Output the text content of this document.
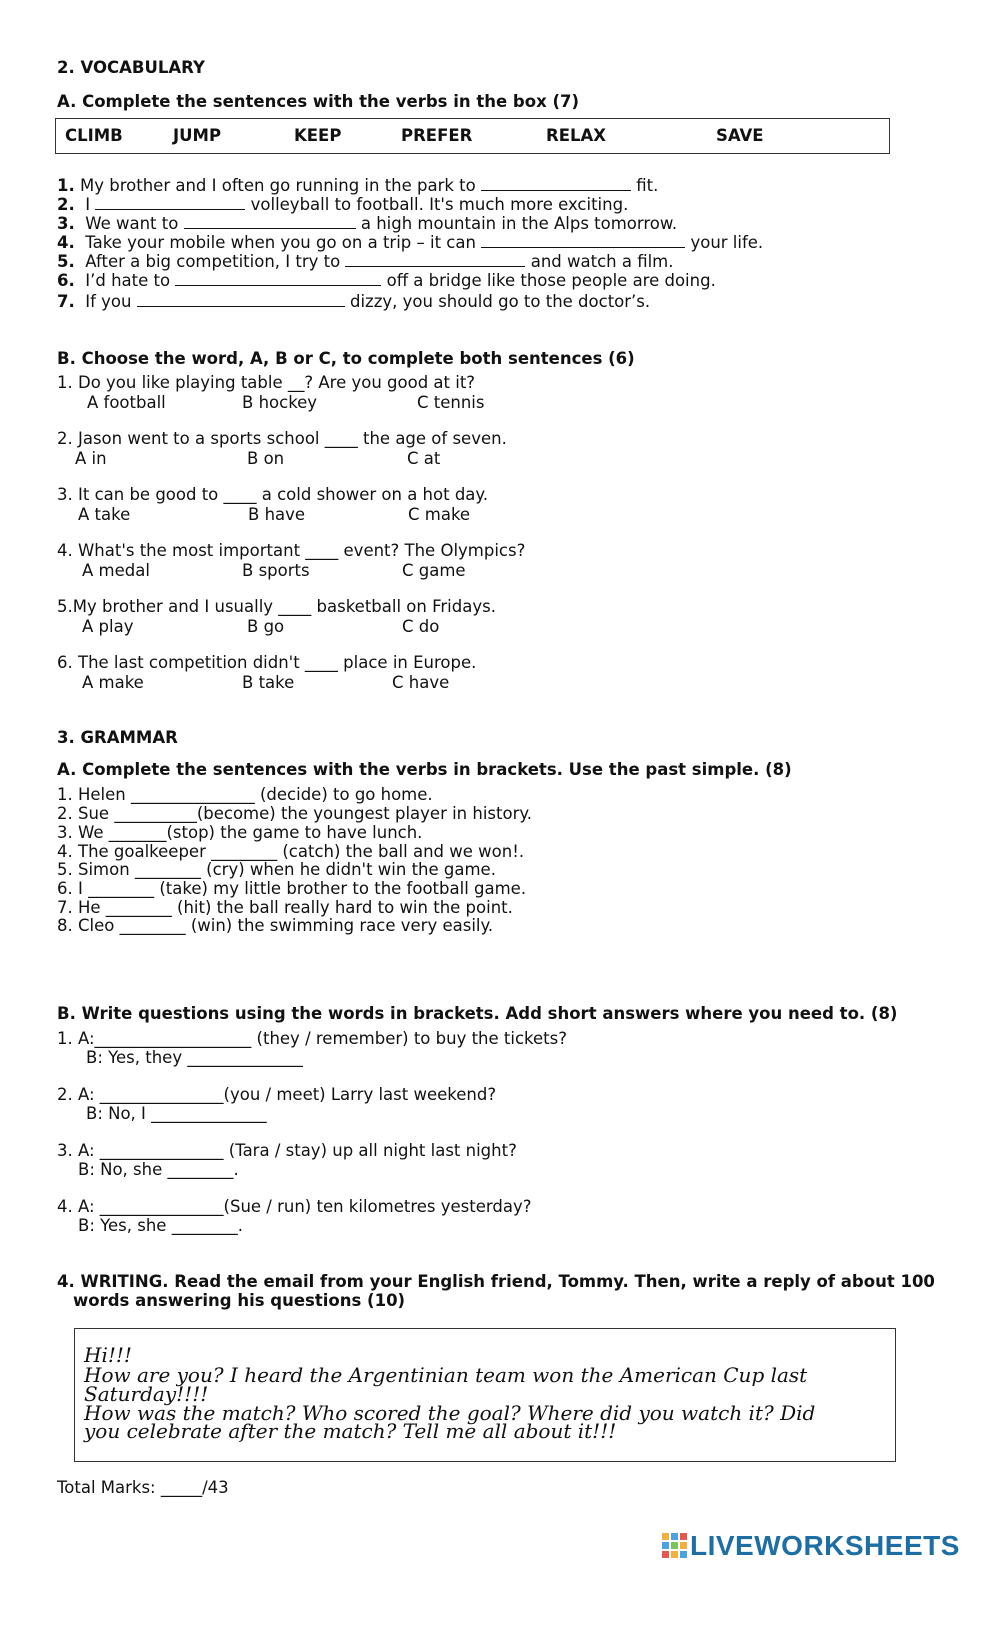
2. VOCABULARY
A. Complete the sentences with the verbs in the box (7)
CLIMB	JUMP	KEEP	PREFER	RELAX	SAVE
1. My brother and I often go running in the park to	fit.
2. I	volleyball to football. It's much more exciting.
3. We want to	a high mountain in the Alps tomorrow.
4. Take your mobile when you go on a trip – it can	your life.
5. After a big competition, I try to	and watch a film.
6. I’d hate to	off a bridge like those people are doing.
7. If you	dizzy, you should go to the doctor’s.
B. Choose the word, A, B or C, to complete both sentences (6)
1. Do you like playing table __? Are you good at it?
A football	B hockey	C tennis
2. Jason went to a sports school ____ the age of seven.
A in	B on	C at
3. It can be good to ____ a cold shower on a hot day.
A take	B have	C make
4. What's the most important ____ event? The Olympics?
A medal	B sports	C game
5.My brother and I usually ____ basketball on Fridays.
A play	B go	C do
6. The last competition didn't ____ place in Europe.
A make	B take	C have
3. GRAMMAR
A. Complete the sentences with the verbs in brackets. Use the past simple. (8)
1. Helen _______________ (decide) to go home.
2. Sue __________(become) the youngest player in history.
3. We _______(stop) the game to have lunch.
4. The goalkeeper ________ (catch) the ball and we won!.
5. Simon ________ (cry) when he didn't win the game.
6. I ________ (take) my little brother to the football game.
7. He ________ (hit) the ball really hard to win the point.
8. Cleo ________ (win) the swimming race very easily.
B. Write questions using the words in brackets. Add short answers where you need to. (8)
1. A:___________________ (they / remember) to buy the tickets?
B: Yes, they ______________
2. A: _______________(you / meet) Larry last weekend?
B: No, I ______________
3. A: _______________ (Tara / stay) up all night last night?
B: No, she ________.
4. A: _______________(Sue / run) ten kilometres yesterday?
B: Yes, she ________.
4. WRITING. Read the email from your English friend, Tommy. Then, write a reply of about 100
words answering his questions (10)
Hi!!!
How are you? I heard the Argentinian team won the American Cup last
Saturday!!!!
How was the match? Who scored the goal? Where did you watch it? Did
you celebrate after the match? Tell me all about it!!!
Total Marks: _____/43
LIVEWORKSHEETS
